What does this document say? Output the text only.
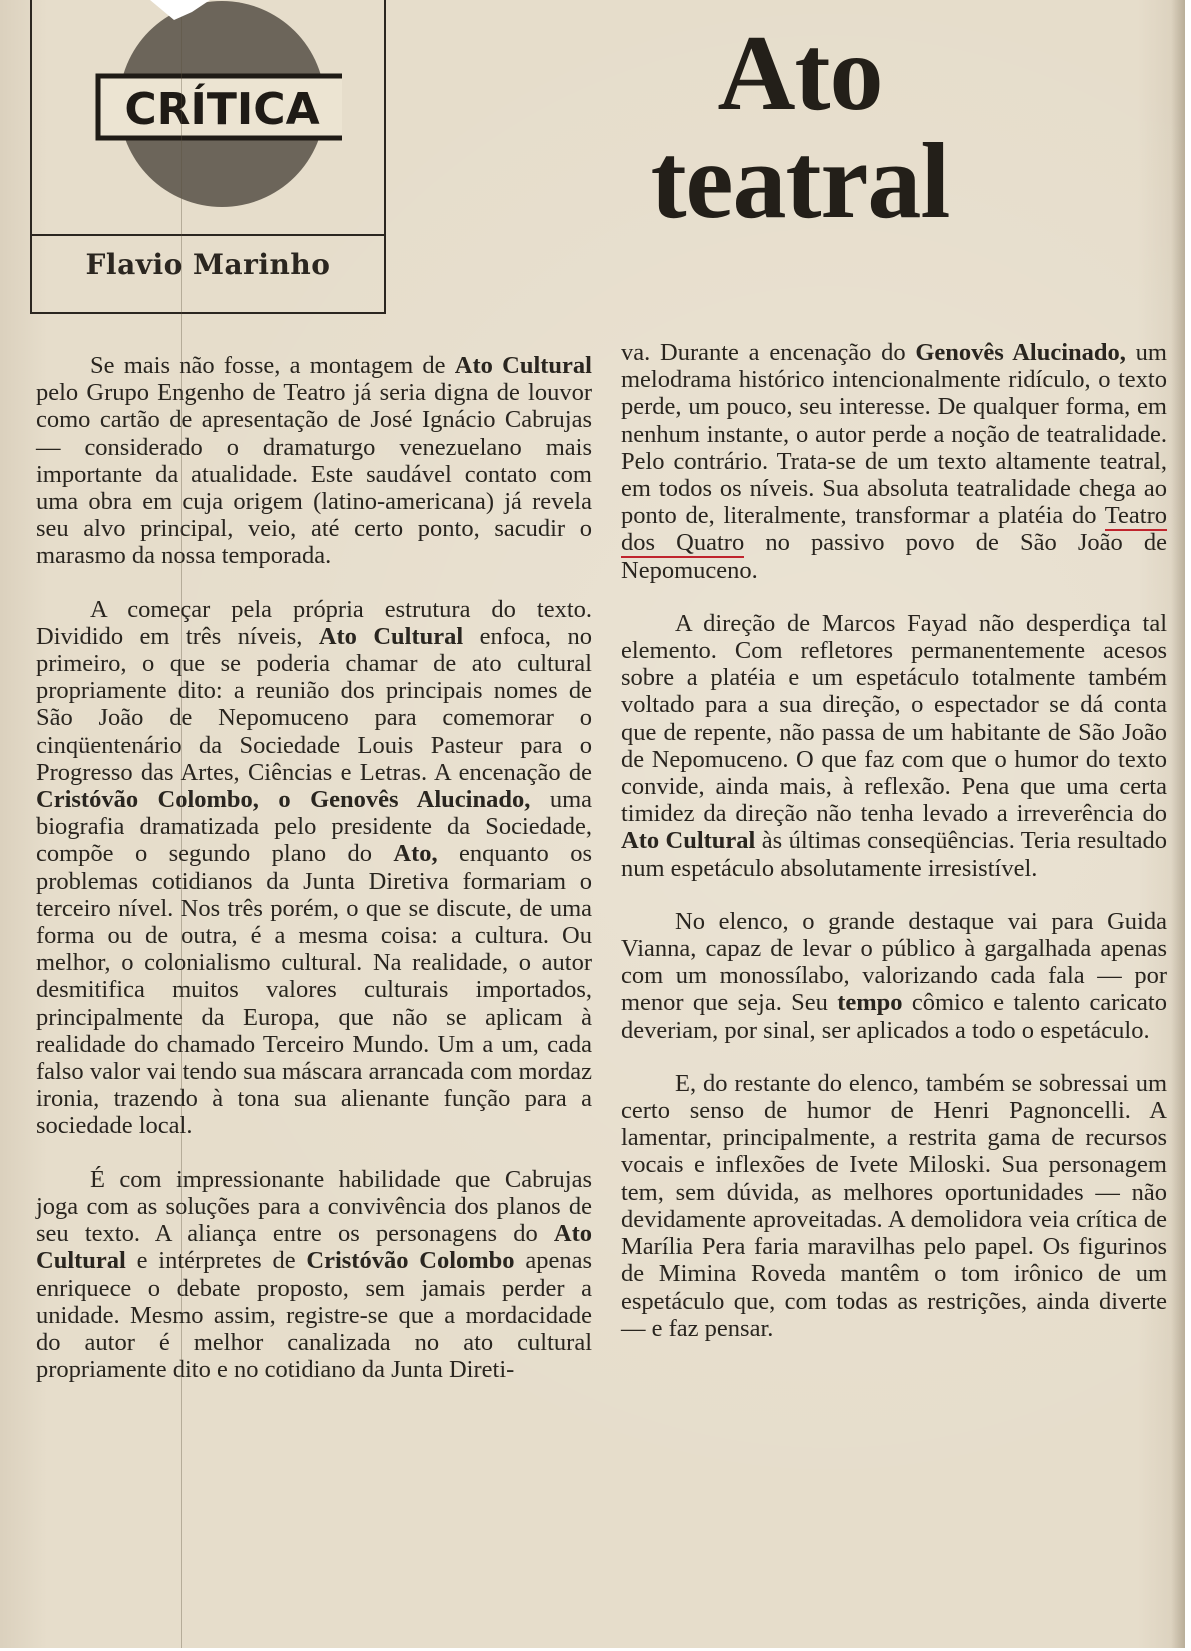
CRÍTICA
Flavio Marinho
Ato
teatral

Se mais não fosse, a montagem de Ato Cultural pelo Grupo Engenho de Teatro já seria digna de louvor como cartão de apresentação de José Ignácio Cabrujas — considerado o dramaturgo venezuelano mais importante da atualidade. Este saudável contato com uma obra em cuja origem (latino-americana) já revela seu alvo principal, veio, até certo ponto, sacudir o marasmo da nossa temporada.

A começar pela própria estrutura do texto. Dividido em três níveis, Ato Cultural enfoca, no primeiro, o que se poderia chamar de ato cultural propriamente dito: a reunião dos principais nomes de São João de Nepomuceno para comemorar o cinqüentenário da Sociedade Louis Pasteur para o Progresso das Artes, Ciências e Letras. A encenação de Cristóvão Colombo, o Genovês Alucinado, uma biografia dramatizada pelo presidente da Sociedade, compõe o segundo plano do Ato, enquanto os problemas cotidianos da Junta Diretiva formariam o terceiro nível. Nos três porém, o que se discute, de uma forma ou de outra, é a mesma coisa: a cultura. Ou melhor, o colonialismo cultural. Na realidade, o autor desmitifica muitos valores culturais importados, principalmente da Europa, que não se aplicam à realidade do chamado Terceiro Mundo. Um a um, cada falso valor vai tendo sua máscara arrancada com mordaz ironia, trazendo à tona sua alienante função para a sociedade local.

É com impressionante habilidade que Cabrujas joga com as soluções para a convivência dos planos de seu texto. A aliança entre os personagens do Ato Cultural e intérpretes de Cristóvão Colombo apenas enriquece o debate proposto, sem jamais perder a unidade. Mesmo assim, registre-se que a mordacidade do autor é melhor canalizada no ato cultural propriamente dito e no cotidiano da Junta Direti-

va. Durante a encenação do Genovês Alucinado, um melodrama histórico intencionalmente ridículo, o texto perde, um pouco, seu interesse. De qualquer forma, em nenhum instante, o autor perde a noção de teatralidade. Pelo contrário. Trata-se de um texto altamente teatral, em todos os níveis. Sua absoluta teatralidade chega ao ponto de, literalmente, transformar a platéia do Teatro dos Quatro no passivo povo de São João de Nepomuceno.

A direção de Marcos Fayad não desperdiça tal elemento. Com refletores permanentemente acesos sobre a platéia e um espetáculo totalmente também voltado para a sua direção, o espectador se dá conta que de repente, não passa de um habitante de São João de Nepomuceno. O que faz com que o humor do texto convide, ainda mais, à reflexão. Pena que uma certa timidez da direção não tenha levado a irreverência do Ato Cultural às últimas conseqüências. Teria resultado num espetáculo absolutamente irresistível.

No elenco, o grande destaque vai para Guida Vianna, capaz de levar o público à gargalhada apenas com um monossílabo, valorizando cada fala — por menor que seja. Seu tempo cômico e talento caricato deveriam, por sinal, ser aplicados a todo o espetáculo.

E, do restante do elenco, também se sobressai um certo senso de humor de Henri Pagnoncelli. A lamentar, principalmente, a restrita gama de recursos vocais e inflexões de Ivete Miloski. Sua personagem tem, sem dúvida, as melhores oportunidades — não devidamente aproveitadas. A demolidora veia crítica de Marília Pera faria maravilhas pelo papel. Os figurinos de Mimina Roveda mantêm o tom irônico de um espetáculo que, com todas as restrições, ainda diverte — e faz pensar.
